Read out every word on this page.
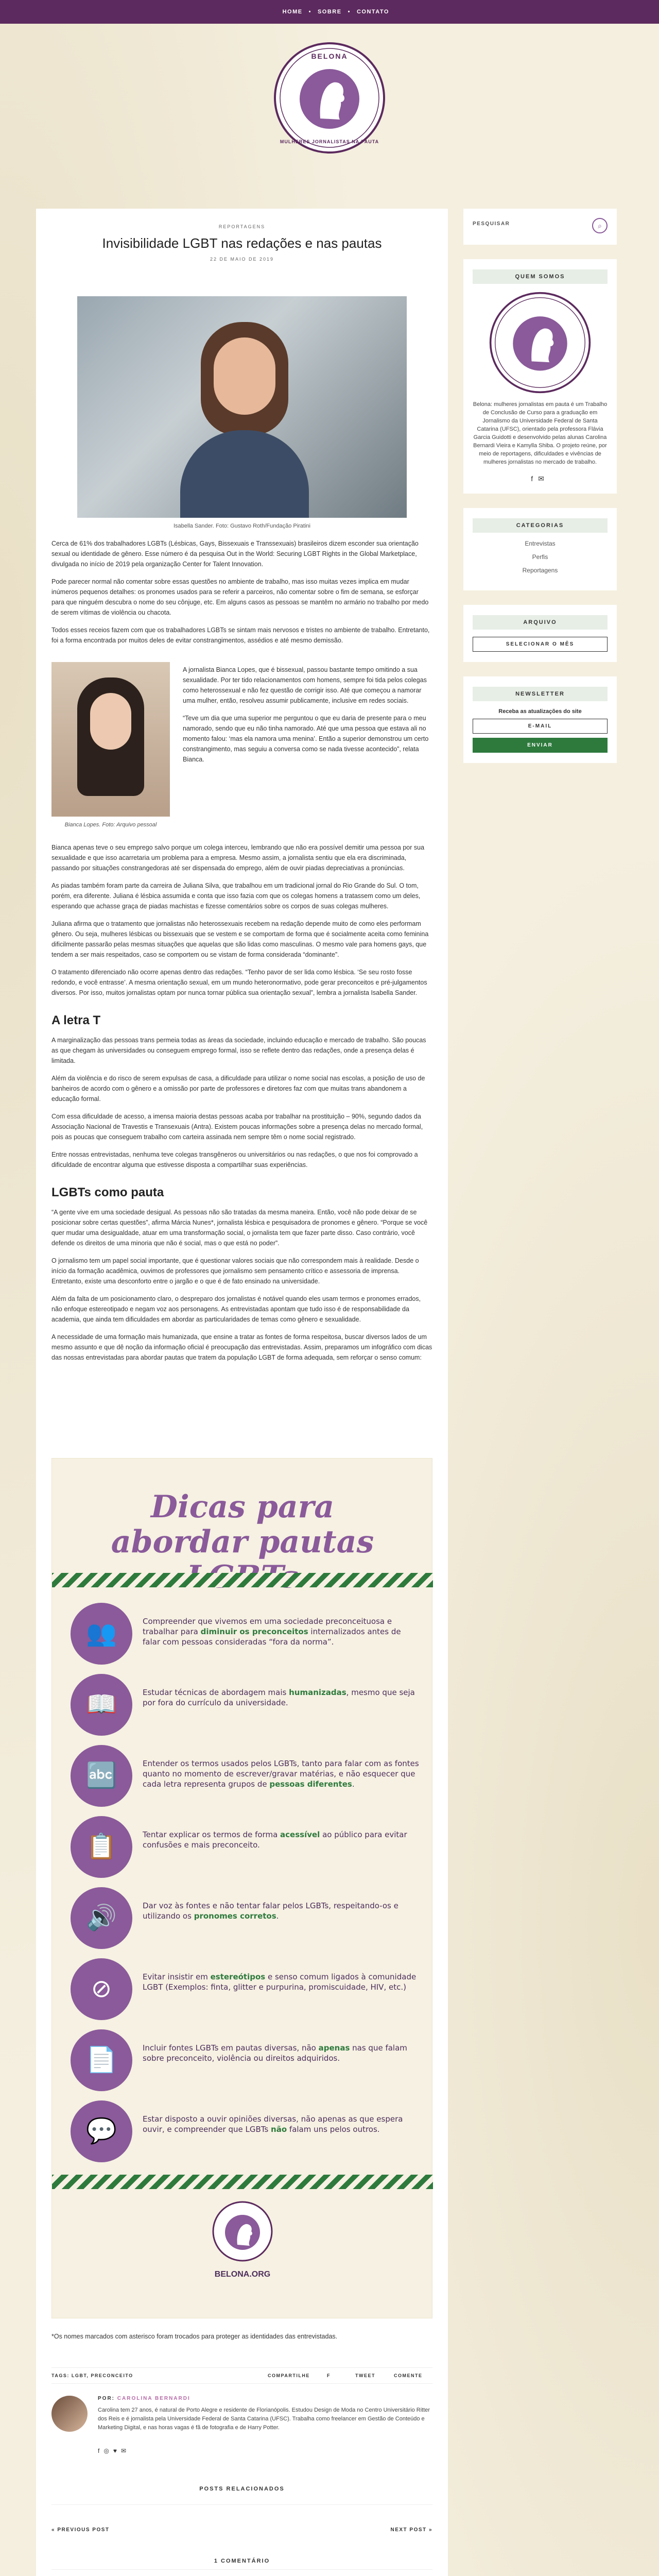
HOME	•	SOBRE	•	CONTATO
BELONA
MULHERES JORNALISTAS NA PAUTA
REPORTAGENS
Invisibilidade LGBT nas redações e nas pautas
22 DE MAIO DE 2019
Isabella Sander. Foto: Gustavo Roth/Fundação Piratini

Cerca de 61% dos trabalhadores LGBTs (Lésbicas, Gays, Bissexuais e Transsexuais) brasileiros dizem esconder sua orientação sexual ou identidade de gênero. Esse número é da pesquisa Out in the World: Securing LGBT Rights in the Global Marketplace, divulgada no início de 2019 pela organização Center for Talent Innovation.

Pode parecer normal não comentar sobre essas questões no ambiente de trabalho, mas isso muitas vezes implica em mudar inúmeros pequenos detalhes: os pronomes usados para se referir a parceiros, não comentar sobre o fim de semana, se esforçar para que ninguém descubra o nome do seu cônjuge, etc. Em alguns casos as pessoas se mantêm no armário no trabalho por medo de serem vítimas de violência ou chacota.

Todos esses receios fazem com que os trabalhadores LGBTs se sintam mais nervosos e tristes no ambiente de trabalho. Entretanto, foi a forma encontrada por muitos deles de evitar constrangimentos, assédios e até mesmo demissão.

Bianca Lopes. Foto: Arquivo pessoal

A jornalista Bianca Lopes, que é bissexual, passou bastante tempo omitindo a sua sexualidade. Por ter tido relacionamentos com homens, sempre foi tida pelos colegas como heterossexual e não fez questão de corrigir isso. Até que começou a namorar uma mulher, então, resolveu assumir publicamente, inclusive em redes sociais.

“Teve um dia que uma superior me perguntou o que eu daria de presente para o meu namorado, sendo que eu não tinha namorado. Até que uma pessoa que estava ali no momento falou: ‘mas ela namora uma menina’. Então a superior demonstrou um certo constrangimento, mas seguiu a conversa como se nada tivesse acontecido”, relata Bianca.

Bianca apenas teve o seu emprego salvo porque um colega interceu, lembrando que não era possível demitir uma pessoa por sua sexualidade e que isso acarretaria um problema para a empresa. Mesmo assim, a jornalista sentiu que ela era discriminada, passando por situações constrangedoras até ser dispensada do emprego, além de ouvir piadas depreciativas a pronúncias.

As piadas também foram parte da carreira de Juliana Silva, que trabalhou em um tradicional jornal do Rio Grande do Sul. O tom, porém, era diferente. Juliana é lésbica assumida e conta que isso fazia com que os colegas homens a tratassem como um deles, esperando que achasse graça de piadas machistas e fizesse comentários sobre os corpos de suas colegas mulheres.

Juliana afirma que o tratamento que jornalistas não heterossexuais recebem na redação depende muito de como eles performam gênero. Ou seja, mulheres lésbicas ou bissexuais que se vestem e se comportam de forma que é socialmente aceita como feminina dificilmente passarão pelas mesmas situações que aquelas que são lidas como masculinas. O mesmo vale para homens gays, que tendem a ser mais respeitados, caso se comportem ou se vistam de forma considerada “dominante”.

O tratamento diferenciado não ocorre apenas dentro das redações. “Tenho pavor de ser lida como lésbica. ‘Se seu rosto fosse redondo, e você entrasse’. A mesma orientação sexual, em um mundo heteronormativo, pode gerar preconceitos e pré-julgamentos diversos. Por isso, muitos jornalistas optam por nunca tornar pública sua orientação sexual”, lembra a jornalista Isabella Sander.

A letra T

A marginalização das pessoas trans permeia todas as áreas da sociedade, incluindo educação e mercado de trabalho. São poucas as que chegam às universidades ou conseguem emprego formal, isso se reflete dentro das redações, onde a presença delas é limitada.

Além da violência e do risco de serem expulsas de casa, a dificuldade para utilizar o nome social nas escolas, a posição de uso de banheiros de acordo com o gênero e a omissão por parte de professores e diretores faz com que muitas trans abandonem a educação formal.

Com essa dificuldade de acesso, a imensa maioria destas pessoas acaba por trabalhar na prostituição – 90%, segundo dados da Associação Nacional de Travestis e Transexuais (Antra). Existem poucas informações sobre a presença delas no mercado formal, pois as poucas que conseguem trabalho com carteira assinada nem sempre têm o nome social registrado.

Entre nossas entrevistadas, nenhuma teve colegas transgêneros ou universitários ou nas redações, o que nos foi comprovado a dificuldade de encontrar alguma que estivesse disposta a compartilhar suas experiências.

LGBTs como pauta

“A gente vive em uma sociedade desigual. As pessoas não são tratadas da mesma maneira. Então, você não pode deixar de se posicionar sobre certas questões”, afirma Márcia Nunes*, jornalista lésbica e pesquisadora de pronomes e gênero. “Porque se você quer mudar uma desigualdade, atuar em uma transformação social, o jornalista tem que fazer parte disso. Caso contrário, você defende os direitos de uma minoria que não é social, mas o que está no poder”.

O jornalismo tem um papel social importante, que é questionar valores sociais que não correspondem mais à realidade. Desde o início da formação acadêmica, ouvimos de professores que jornalismo sem pensamento crítico e assessoria de imprensa. Entretanto, existe uma desconforto entre o jargão e o que é de fato ensinado na universidade.

Além da falta de um posicionamento claro, o despreparo dos jornalistas é notável quando eles usam termos e pronomes errados, não enfoque estereotipado e negam voz aos personagens. As entrevistadas apontam que tudo isso é de responsabilidade da academia, que ainda tem dificuldades em abordar as particularidades de temas como gênero e sexualidade.

A necessidade de uma formação mais humanizada, que ensine a tratar as fontes de forma respeitosa, buscar diversos lados de um mesmo assunto e que dê noção da informação oficial é preocupação das entrevistadas. Assim, preparamos um infográfico com dicas das nossas entrevistadas para abordar pautas que tratem da população LGBT de forma adequada, sem reforçar o senso comum:

Dicas para
abordar pautas
👥	Compreender que vivemos em uma sociedade preconceituosa e trabalhar para diminuir os preconceitos internalizados antes de falar com pessoas consideradas “fora da norma”.
📖	Estudar técnicas de abordagem mais humanizadas, mesmo que seja por fora do currículo da universidade.
🔤	Entender os termos usados pelos LGBTs, tanto para falar com as fontes quanto no momento de escrever/gravar matérias, e não esquecer que cada letra representa grupos de pessoas diferentes.
📋	Tentar explicar os termos de forma acessível ao público para evitar confusões e mais preconceito.
🔊	Dar voz às fontes e não tentar falar pelos LGBTs, respeitando-os e utilizando os pronomes corretos.
⊘	Evitar insistir em estereótipos e senso comum ligados à comunidade LGBT (Exemplos: finta, glitter e purpurina, promiscuidade, HIV, etc.)
📄	Incluir fontes LGBTs em pautas diversas, não apenas nas que falam sobre preconceito, violência ou direitos adquiridos.
💬	Estar disposto a ouvir opiniões diversas, não apenas as que espera ouvir, e compreender que LGBTs não falam uns pelos outros.
BELONA.ORG

*Os nomes marcados com asterisco foram trocados para proteger as identidades das entrevistadas.

TAGS: LGBT, PRECONCEITO	COMPARTILHE	F	TWEET	COMENTE
POR: CAROLINA BERNARDI
Carolina tem 27 anos, é natural de Porto Alegre e residente de Florianópolis. Estudou Design de Moda no Centro Universitário Ritter dos Reis e é jornalista pela Universidade Federal de Santa Catarina (UFSC). Trabalha como freelancer em Gestão de Conteúdo e Marketing Digital, e nas horas vagas é fã de fotografia e de Harry Potter.
f◎♥✉
POSTS RELACIONADOS
« PREVIOUS POST	NEXT POST »
1 COMENTÁRIO
PESQUISAR	⌕
QUEM SOMOS
Belona: mulheres jornalistas em pauta é um Trabalho de Conclusão de Curso para a graduação em Jornalismo da Universidade Federal de Santa Catarina (UFSC), orientado pela professora Flávia Garcia Guidotti e desenvolvido pelas alunas Carolina Bernardi Vieira e Kamylla Shiba. O projeto reúne, por meio de reportagens, dificuldades e vivências de mulheres jornalistas no mercado de trabalho.
f✉
CATEGORIAS
Entrevistas
Perfis
Reportagens
ARQUIVO
SELECIONAR O MÊS
NEWSLETTER
Receba as atualizações do site
E-MAIL
ENVIAR
